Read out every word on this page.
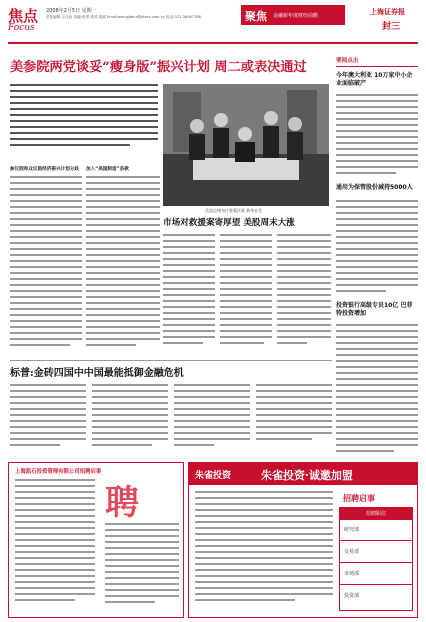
焦点
Focus
2008年2月5日 星期一
责任编辑:王佳伦 美编:张珺 校对:周斌 Email:wangjiahui@stock.com.cn 电话:021-38967788	聚焦 金融新年度财经前瞻	上海证券报
封三
美参院两党谈妥“瘦身版”振兴计划 周二或表决通过
美国总统布什签署法案 新华社发
参议院和众议院经济振兴计划分歧	加入“美国制造”条款
市场对救援案寄厚望 美股周末大涨
标普:金砖四国中中国最能抵御金融危机
要闻点击
今年澳大利亚 10万家中小企业面临破产
通用为保管股份减持5000人
投资银行高级专员10亿 巴菲特投资增加
上海凯石投资管理有限公司招聘启事
聘
朱雀投资	朱雀投资·诚邀加盟
招聘启事
招聘职位
研究部
交易部
市场部
投资部
